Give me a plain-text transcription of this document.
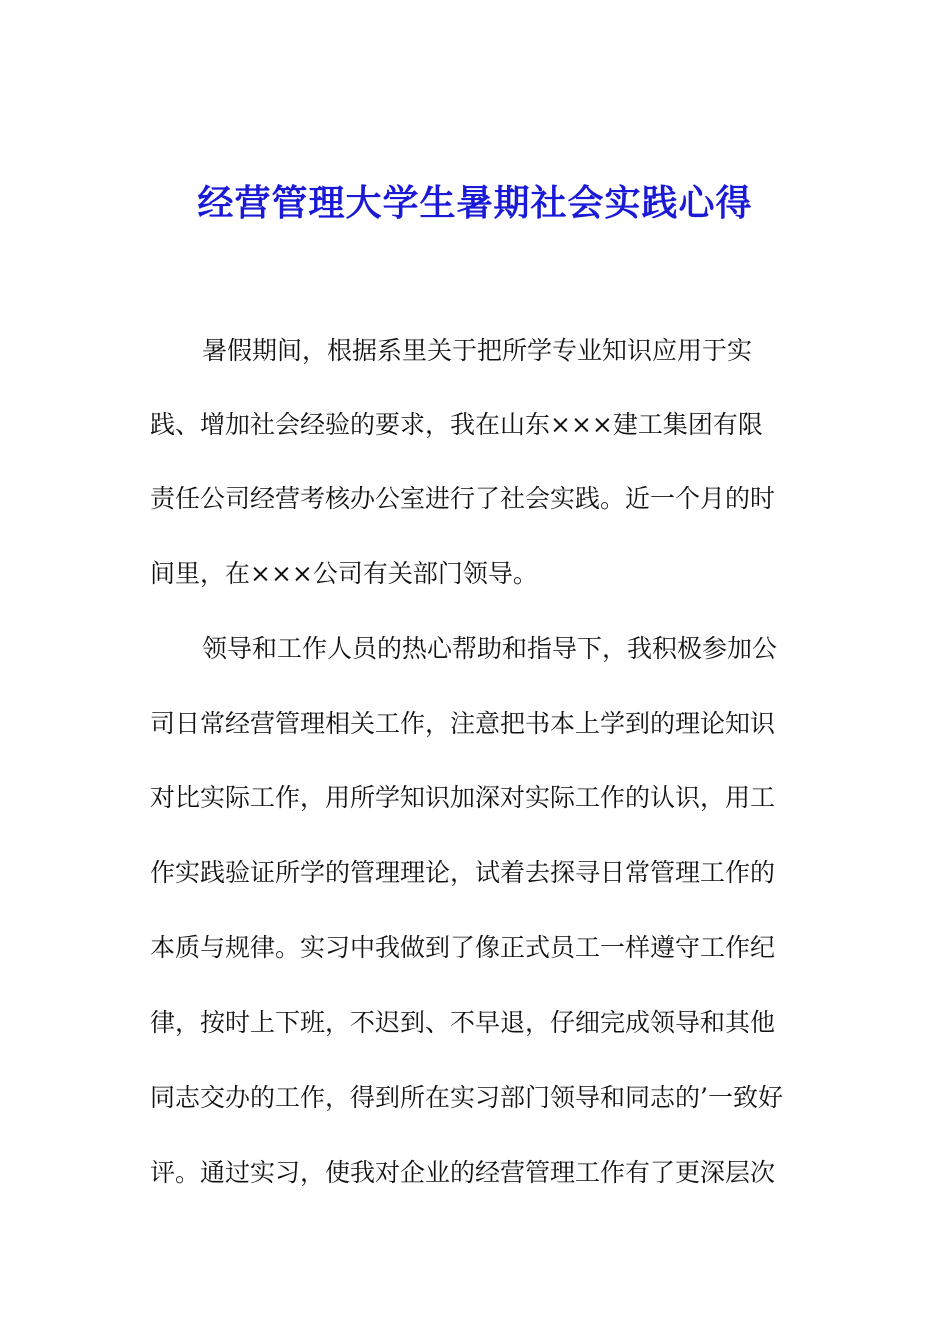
经营管理大学生暑期社会实践心得
暑假期间，根据系里关于把所学专业知识应用于实
践、增加社会经验的要求，我在山东×××建工集团有限
责任公司经营考核办公室进行了社会实践。近一个月的时
间里，在×××公司有关部门领导。
领导和工作人员的热心帮助和指导下，我积极参加公
司日常经营管理相关工作，注意把书本上学到的理论知识
对比实际工作，用所学知识加深对实际工作的认识，用工
作实践验证所学的管理理论，试着去探寻日常管理工作的
本质与规律。实习中我做到了像正式员工一样遵守工作纪
律，按时上下班，不迟到、不早退，仔细完成领导和其他
同志交办的工作，得到所在实习部门领导和同志的’一致好
评。通过实习，使我对企业的经营管理工作有了更深层次
